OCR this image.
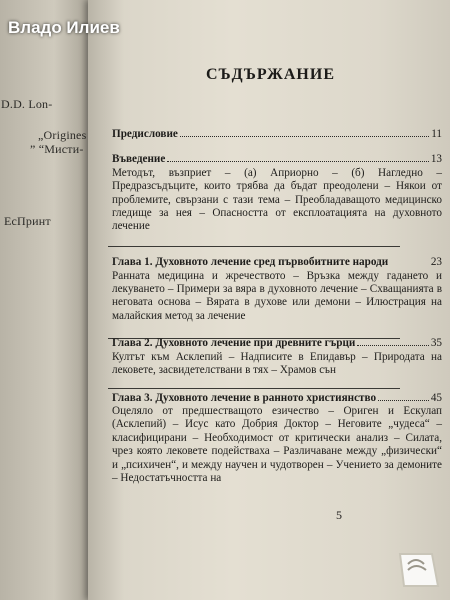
D.D. Lon-
„Origines
” “Мисти-
ЕсПринт
СЪДЪРЖАНИЕ
Предисловие	11
Въведение	13
Методът, възприет – (а) Априорно – (б) Нагледно – Предразсъдъците, които трябва да бъдат преодолени – Някои от проблемите, свързани с тази тема – Преобладаващото медицинско гледище за нея – Опасността от експлоатацията на духовното лечение
Глава 1. Духовното лечение сред първобитните народи	23
Ранната медицина и жречеството – Връзка между гадането и лекуването – Примери за вяра в духовното лечение – Схващанията в неговата основа – Вярата в духове или демони – Илюстрация на малайския метод за лечение
Глава 2. Духовното лечение при древните гърци	35
Култът към Асклепий – Надписите в Епидавър – Природата на лековете, засвидетелствани в тях – Храмов сън
Глава 3. Духовното лечение в ранното християнство	45
Оцеляло от предшестващото езичество – Ориген и Ескулап (Асклепий) – Исус като Добрия Доктор – Неговите „чудеса“ – класифицирани – Необходимост от критически анализ – Силата, чрез която лековете подействаха – Различаване между „физически“ и „психичен“, и между научен и чудотворен – Учението за демоните – Недостатъчността на
5
Владо Илиев
